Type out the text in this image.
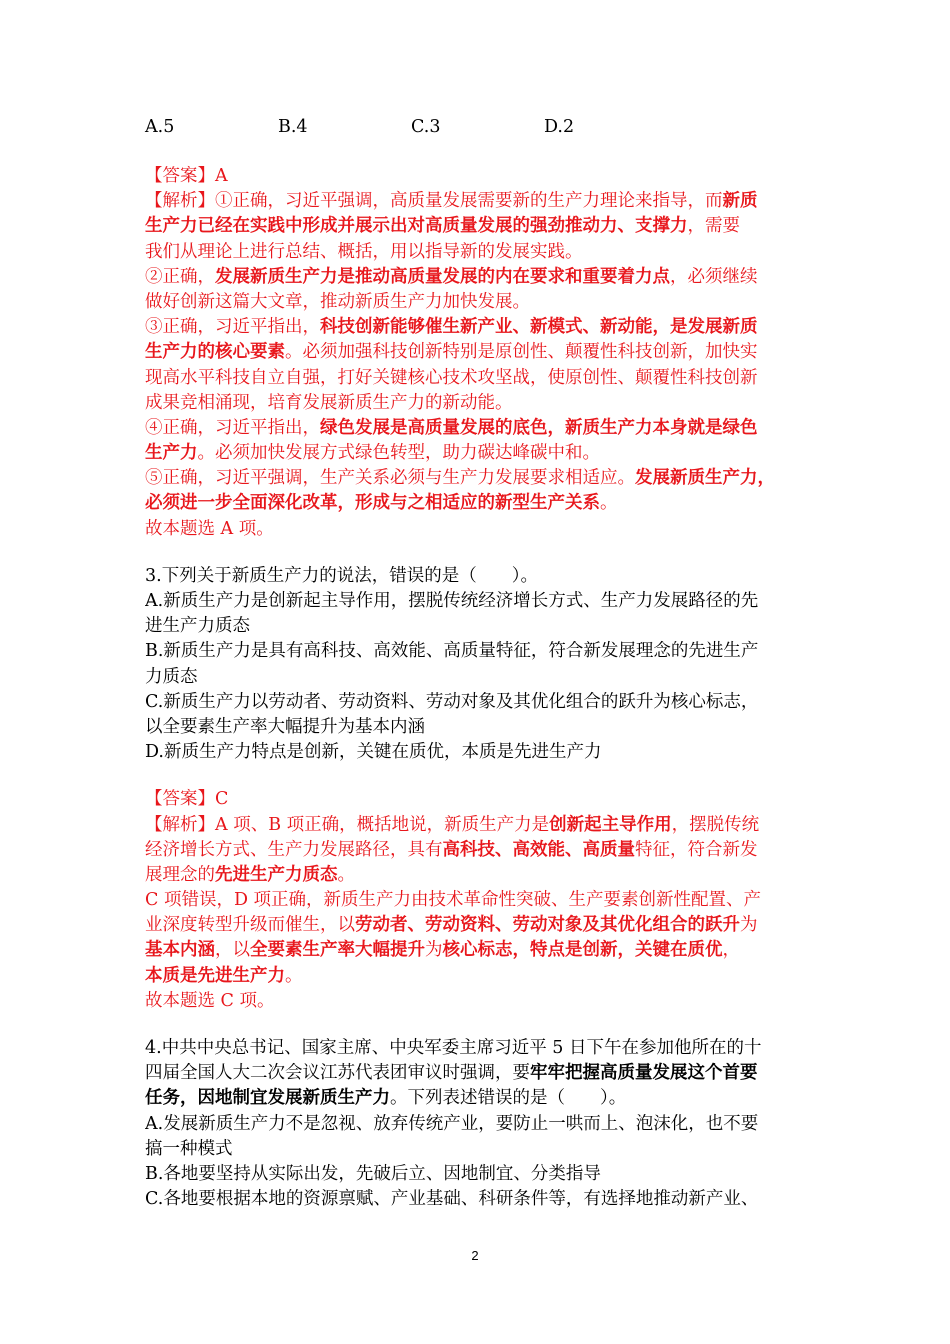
A.5	B.4	C.3	D.2
【答案】A
【解析】①正确，习近平强调，高质量发展需要新的生产力理论来指导，而新质
生产力已经在实践中形成并展示出对高质量发展的强劲推动力、支撑力，需要
我们从理论上进行总结、概括，用以指导新的发展实践。
②正确，发展新质生产力是推动高质量发展的内在要求和重要着力点，必须继续
做好创新这篇大文章，推动新质生产力加快发展。
③正确，习近平指出，科技创新能够催生新产业、新模式、新动能，是发展新质
生产力的核心要素。必须加强科技创新特别是原创性、颠覆性科技创新，加快实
现高水平科技自立自强，打好关键核心技术攻坚战，使原创性、颠覆性科技创新
成果竞相涌现，培育发展新质生产力的新动能。
④正确，习近平指出，绿色发展是高质量发展的底色，新质生产力本身就是绿色
生产力。必须加快发展方式绿色转型，助力碳达峰碳中和。
⑤正确，习近平强调，生产关系必须与生产力发展要求相适应。发展新质生产力，
必须进一步全面深化改革，形成与之相适应的新型生产关系。
故本题选 A 项。
3.下列关于新质生产力的说法，错误的是（　　）。
A.新质生产力是创新起主导作用，摆脱传统经济增长方式、生产力发展路径的先
进生产力质态
B.新质生产力是具有高科技、高效能、高质量特征，符合新发展理念的先进生产
力质态
C.新质生产力以劳动者、劳动资料、劳动对象及其优化组合的跃升为核心标志，
以全要素生产率大幅提升为基本内涵
D.新质生产力特点是创新，关键在质优，本质是先进生产力
【答案】C
【解析】A 项、B 项正确，概括地说，新质生产力是创新起主导作用，摆脱传统
经济增长方式、生产力发展路径，具有高科技、高效能、高质量特征，符合新发
展理念的先进生产力质态。
C 项错误，D 项正确，新质生产力由技术革命性突破、生产要素创新性配置、产
业深度转型升级而催生，以劳动者、劳动资料、劳动对象及其优化组合的跃升为
基本内涵，以全要素生产率大幅提升为核心标志，特点是创新，关键在质优，
本质是先进生产力。
故本题选 C 项。
4.中共中央总书记、国家主席、中央军委主席习近平 5 日下午在参加他所在的十
四届全国人大二次会议江苏代表团审议时强调，要牢牢把握高质量发展这个首要
任务，因地制宜发展新质生产力。下列表述错误的是（　　）。
A.发展新质生产力不是忽视、放弃传统产业，要防止一哄而上、泡沫化，也不要
搞一种模式
B.各地要坚持从实际出发，先破后立、因地制宜、分类指导
C.各地要根据本地的资源禀赋、产业基础、科研条件等，有选择地推动新产业、
2
